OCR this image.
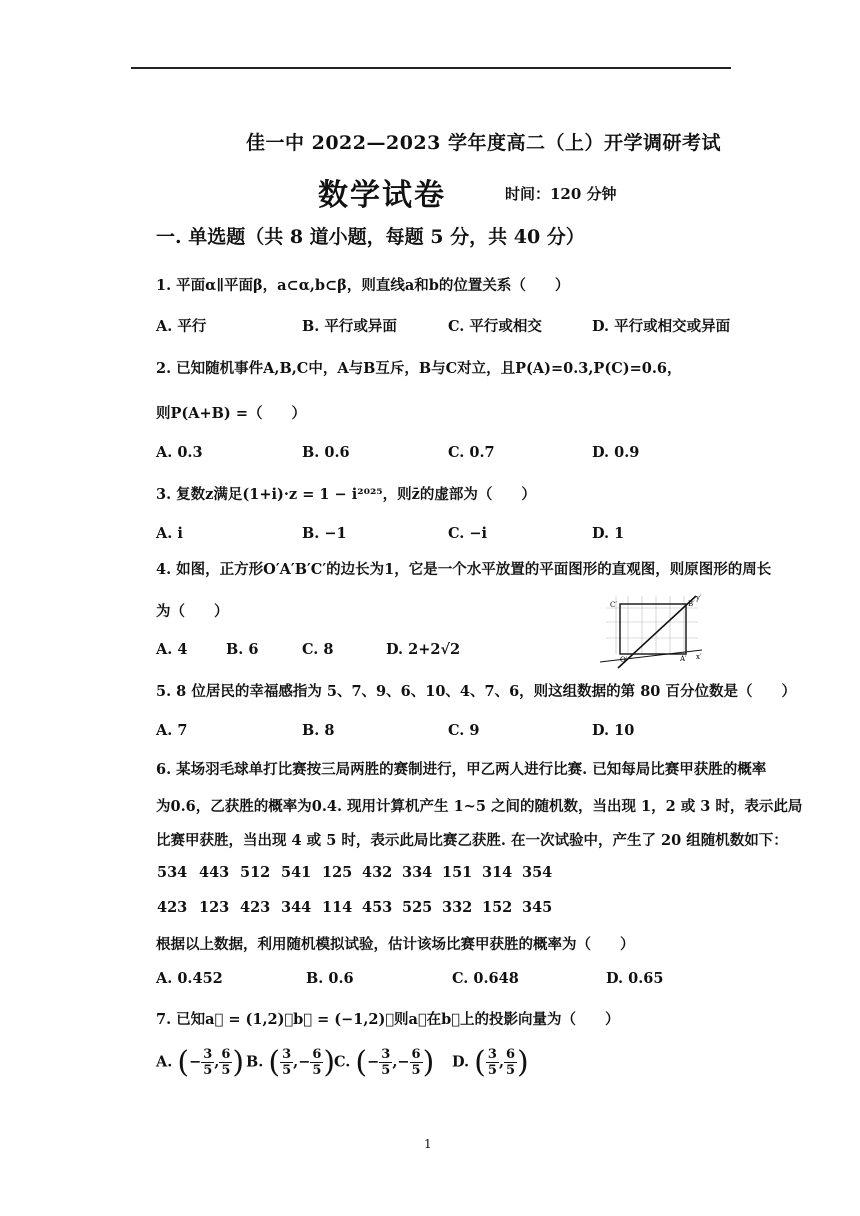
佳一中 2022—2023 学年度高二（上）开学调研考试
数学试卷	时间：120 分钟
一. 单选题（共 8 道小题，每题 5 分，共 40 分）
1. 平面α∥平面β，a⊂α,b⊂β，则直线a和b的位置关系（　　）
A. 平行	B. 平行或异面	C. 平行或相交	D. 平行或相交或异面
2. 已知随机事件A,B,C中，A与B互斥，B与C对立，且P(A)=0.3,P(C)=0.6，
则P(A+B) =（　　）
A. 0.3	B. 0.6	C. 0.7	D. 0.9
3. 复数z满足(1+i)·z = 1 − i²⁰²⁵，则z̄的虚部为（　　）
A. i	B. −1	C. −i	D. 1
4. 如图，正方形O′A′B′C′的边长为1，它是一个水平放置的平面图形的直观图，则原图形的周长
为（　　）
A. 4	B. 6	C. 8	D. 2+2√2
C′	B′
y′
O′	A′ x′
5. 8 位居民的幸福感指为 5、7、9、6、10、4、7、6，则这组数据的第 80 百分位数是（　　）
A. 7	B. 8	C. 9	D. 10
6. 某场羽毛球单打比赛按三局两胜的赛制进行，甲乙两人进行比赛. 已知每局比赛甲获胜的概率
为0.6，乙获胜的概率为0.4. 现用计算机产生 1~5 之间的随机数，当出现 1，2 或 3 时，表示此局
比赛甲获胜，当出现 4 或 5 时，表示此局比赛乙获胜. 在一次试验中，产生了 20 组随机数如下：
534 443 512 541 125 432 334 151 314 354
423 123 423 344 114 453 525 332 152 345
根据以上数据，利用随机模拟试验，估计该场比赛甲获胜的概率为（　　）
A. 0.452	B. 0.6	C. 0.648	D. 0.65
7. 已知a⃗ = (1,2)，b⃗ = (−1,2)，则a⃗在b⃗上的投影向量为（　　）
A. (− $\frac{3}{5}$ , $\frac{6}{5}$ ) B. ( $\frac{3}{5}$ ,− $\frac{6}{5}$ )
C. (− $\frac{3}{5}$ ,− $\frac{6}{5}$ ) D. ( $\frac{3}{5}$ , $\frac{6}{5}$ )
1
